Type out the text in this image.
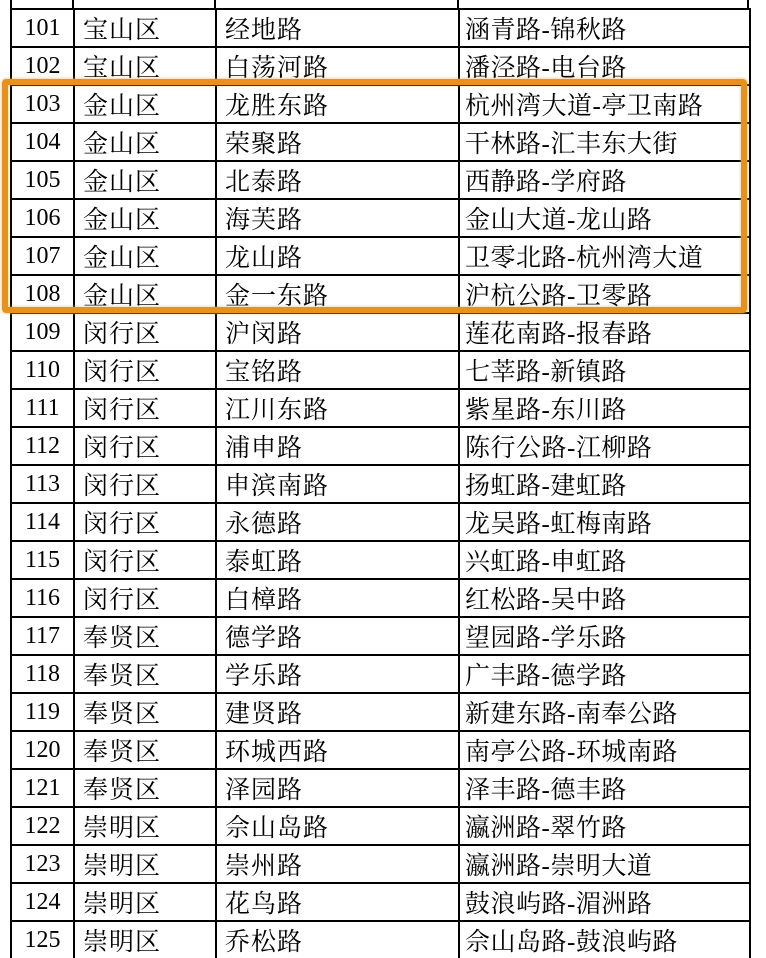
101	宝山区	经地路	涵青路-锦秋路
102	宝山区	白荡河路	潘泾路-电台路
103	金山区	龙胜东路	杭州湾大道-亭卫南路
104	金山区	荣聚路	干林路-汇丰东大街
105	金山区	北泰路	西静路-学府路
106	金山区	海芙路	金山大道-龙山路
107	金山区	龙山路	卫零北路-杭州湾大道
108	金山区	金一东路	沪杭公路-卫零路
109	闵行区	沪闵路	莲花南路-报春路
110	闵行区	宝铭路	七莘路-新镇路
111	闵行区	江川东路	紫星路-东川路
112	闵行区	浦申路	陈行公路-江柳路
113	闵行区	申滨南路	扬虹路-建虹路
114	闵行区	永德路	龙吴路-虹梅南路
115	闵行区	泰虹路	兴虹路-申虹路
116	闵行区	白樟路	红松路-吴中路
117	奉贤区	德学路	望园路-学乐路
118	奉贤区	学乐路	广丰路-德学路
119	奉贤区	建贤路	新建东路-南奉公路
120	奉贤区	环城西路	南亭公路-环城南路
121	奉贤区	泽园路	泽丰路-德丰路
122	崇明区	佘山岛路	瀛洲路-翠竹路
123	崇明区	崇州路	瀛洲路-崇明大道
124	崇明区	花鸟路	鼓浪屿路-湄洲路
125	崇明区	乔松路	佘山岛路-鼓浪屿路
